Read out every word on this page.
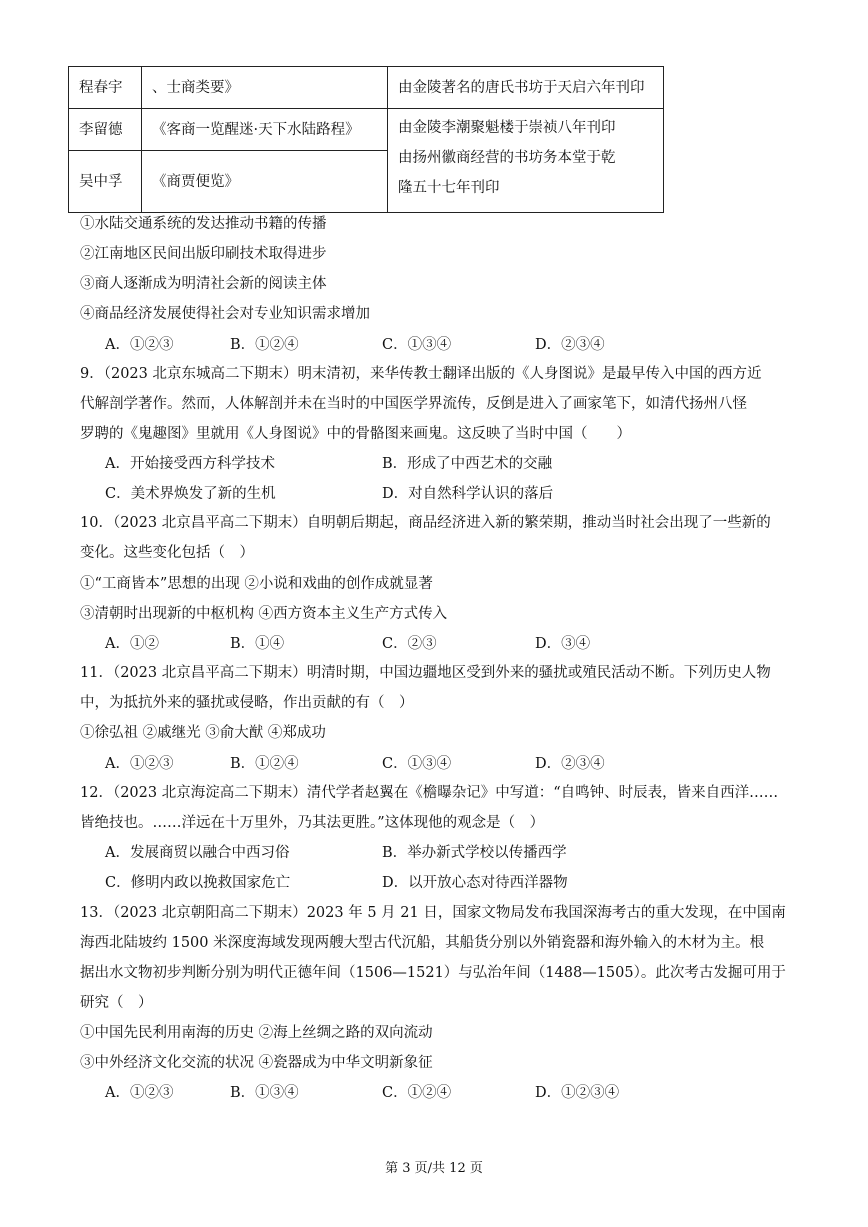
程春宇	、士商类要》	由金陵著名的唐氏书坊于天启六年刊印
李留德	《客商一览醒迷·天下水陆路程》	由金陵李潮聚魁楼于崇祯八年刊印
由扬州徽商经营的书坊务本堂于乾
隆五十七年刊印

吴中孚	《商贾便览》	
①水陆交通系统的发达推动书籍的传播
②江南地区民间出版印刷技术取得进步
③商人逐渐成为明清社会新的阅读主体
④商品经济发展使得社会对专业知识需求增加
A．①②③	B．①②④	C．①③④	D．②③④
9．（2023 北京东城高二下期末）明末清初，来华传教士翻译出版的《人身图说》是最早传入中国的西方近
代解剖学著作。然而，人体解剖并未在当时的中国医学界流传，反倒是进入了画家笔下，如清代扬州八怪
罗聘的《鬼趣图》里就用《人身图说》中的骨骼图来画鬼。这反映了当时中国（　　）
A．开始接受西方科学技术	B．形成了中西艺术的交融
C．美术界焕发了新的生机	D．对自然科学认识的落后
10．（2023 北京昌平高二下期末）自明朝后期起，商品经济进入新的繁荣期，推动当时社会出现了一些新的
变化。这些变化包括（　）
①“工商皆本”思想的出现 ②小说和戏曲的创作成就显著
③清朝时出现新的中枢机构 ④西方资本主义生产方式传入
A．①②	B．①④	C．②③	D．③④
11．（2023 北京昌平高二下期末）明清时期，中国边疆地区受到外来的骚扰或殖民活动不断。下列历史人物
中，为抵抗外来的骚扰或侵略，作出贡献的有（　）
①徐弘祖 ②戚继光 ③俞大猷 ④郑成功
A．①②③	B．①②④	C．①③④	D．②③④
12．（2023 北京海淀高二下期末）清代学者赵翼在《檐曝杂记》中写道：“自鸣钟、时辰表，皆来自西洋……
皆绝技也。……洋远在十万里外，乃其法更胜。”这体现他的观念是（　）
A．发展商贸以融合中西习俗	B．举办新式学校以传播西学
C．修明内政以挽救国家危亡	D．以开放心态对待西洋器物
13．（2023 北京朝阳高二下期末）2023 年 5 月 21 日，国家文物局发布我国深海考古的重大发现，在中国南
海西北陆坡约 1500 米深度海域发现两艘大型古代沉船，其船货分别以外销瓷器和海外输入的木材为主。根
据出水文物初步判断分别为明代正德年间（1506—1521）与弘治年间（1488—1505）。此次考古发掘可用于
研究（　）
①中国先民利用南海的历史 ②海上丝绸之路的双向流动
③中外经济文化交流的状况 ④瓷器成为中华文明新象征
A．①②③	B．①③④	C．①②④	D．①②③④
第 3 页/共 12 页
